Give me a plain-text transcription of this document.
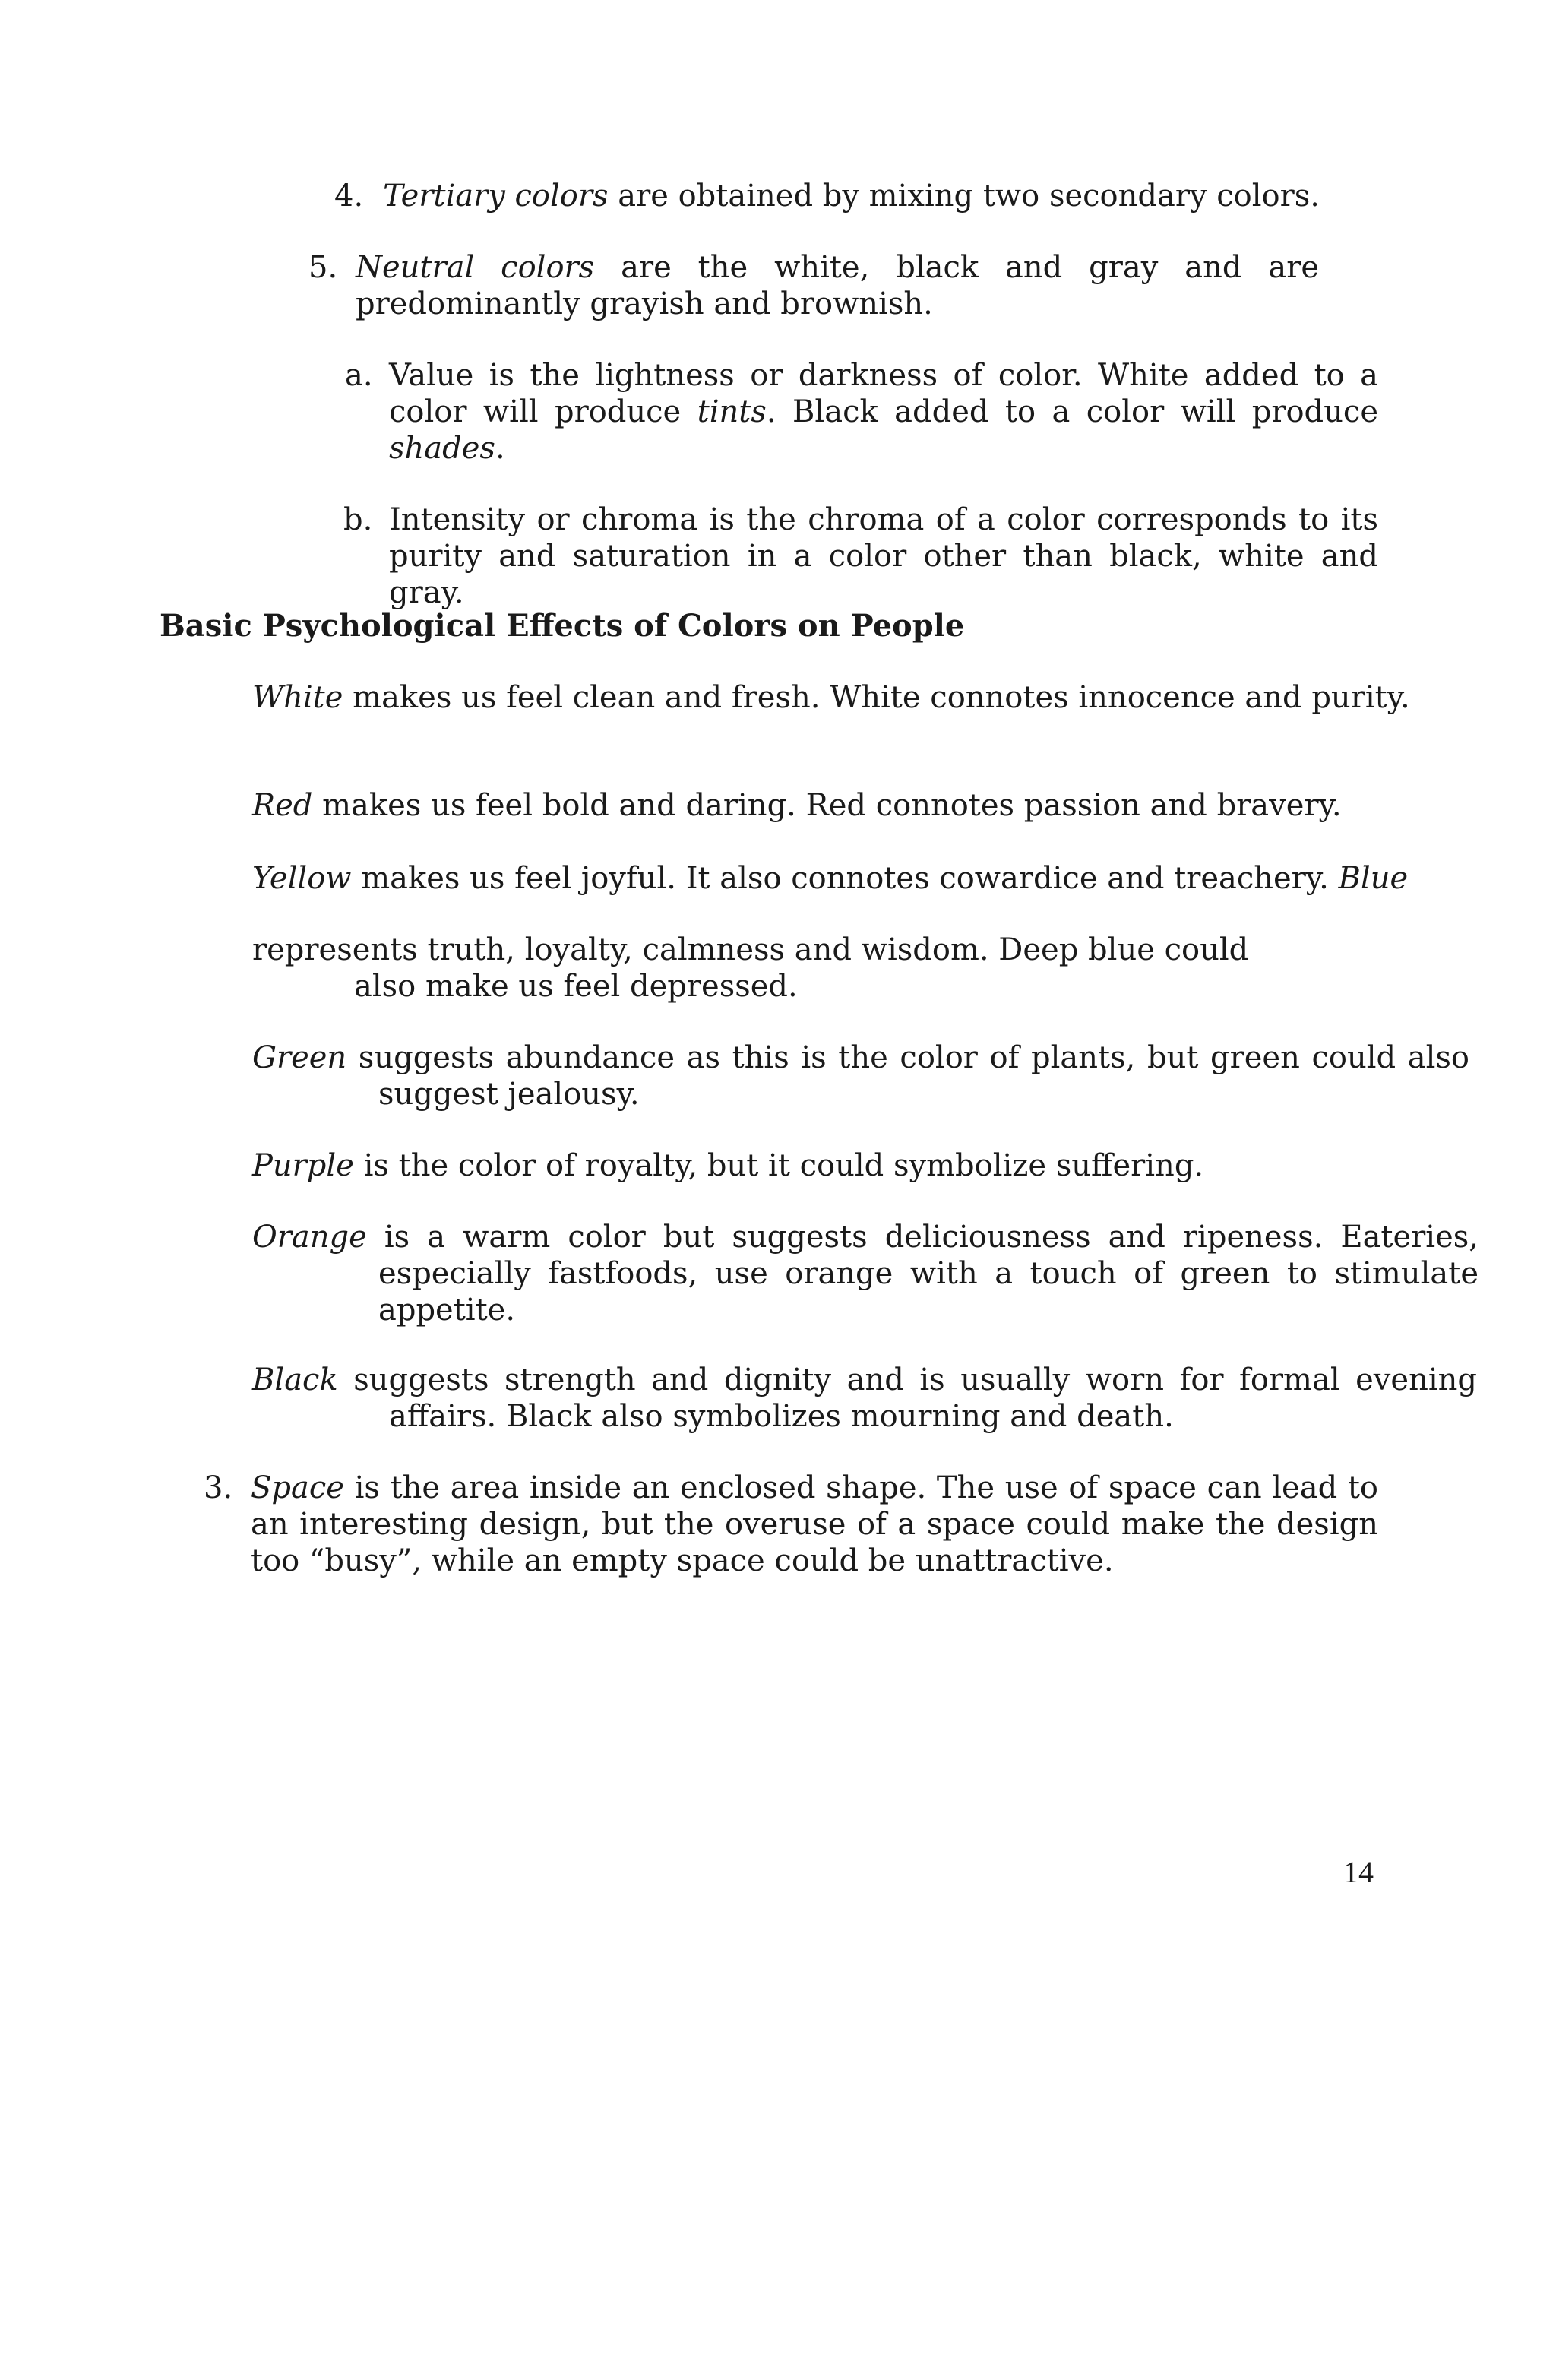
4. Tertiary colors are obtained by mixing two secondary colors.
5. Neutral colors are the white, black and gray and are predominantly grayish and brownish.
a. Value is the lightness or darkness of color. White added to a color will produce tints. Black added to a color will produce shades.
b. Intensity or chroma is the chroma of a color corresponds to its purity and saturation in a color other than black, white and gray.
Basic Psychological Effects of Colors on People
White makes us feel clean and fresh. White connotes innocence and purity.
Red makes us feel bold and daring. Red connotes passion and bravery.
Yellow makes us feel joyful. It also connotes cowardice and treachery. Blue
represents truth, loyalty, calmness and wisdom. Deep blue could
also make us feel depressed.
Green suggests abundance as this is the color of plants, but green could also suggest jealousy.
Purple is the color of royalty, but it could symbolize suffering.
Orange is a warm color but suggests deliciousness and ripeness. Eateries, especially fastfoods, use orange with a touch of green to stimulate appetite.
Black suggests strength and dignity and is usually worn for formal evening affairs. Black also symbolizes mourning and death.
3. Space is the area inside an enclosed shape. The use of space can lead to an interesting design, but the overuse of a space could make the design too “busy”, while an empty space could be unattractive.
14
